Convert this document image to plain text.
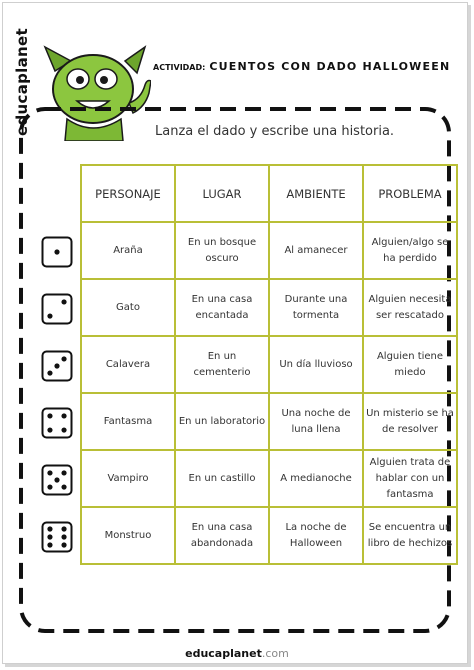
educaplanet	ACTIVIDAD: CUENTOS CON DADO HALLOWEEN
Lanza el dado y escribe una historia.
PERSONAJE	LUGAR	AMBIENTE	PROBLEMA
Araña	En un bosque oscuro	Al amanecer	Alguien/algo se ha perdido
Gato	En una casa encantada	Durante una tormenta	Alguien necesita ser rescatado
Calavera	En un cementerio	Un día lluvioso	Alguien tiene miedo
Fantasma	En un laboratorio	Una noche de luna llena	Un misterio se ha de resolver
Vampiro	En un castillo	A medianoche	Alguien trata de hablar con un fantasma
Monstruo	En una casa abandonada	La noche de Halloween	Se encuentra un libro de hechizos
educaplanet.com
